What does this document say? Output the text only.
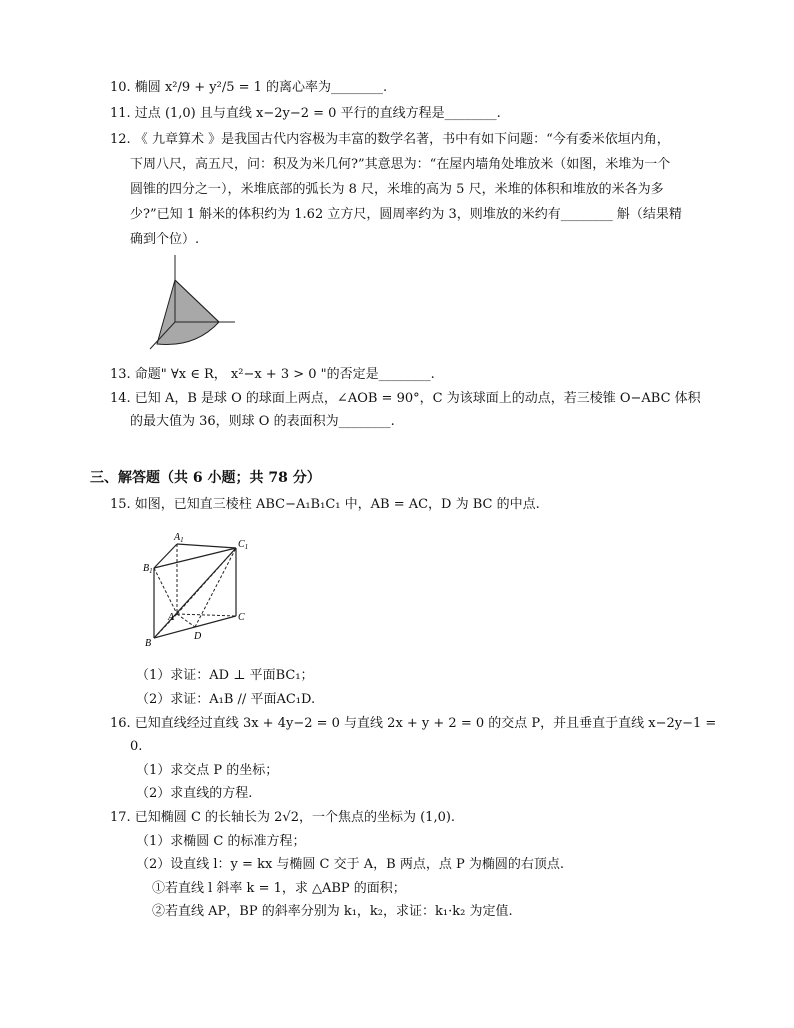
10. 椭圆 x²/9 + y²/5 = 1 的离心率为________.
11. 过点 (1,0) 且与直线 x−2y−2 = 0 平行的直线方程是________.
12. 《 九章算术 》是我国古代内容极为丰富的数学名著，书中有如下问题：“今有委米依垣内角，
下周八尺，高五尺，问：积及为米几何?”其意思为：“在屋内墙角处堆放米（如图，米堆为一个
圆锥的四分之一），米堆底部的弧长为 8 尺，米堆的高为 5 尺，米堆的体积和堆放的米各为多
少?”已知 1 斛米的体积约为 1.62 立方尺，圆周率约为 3，则堆放的米约有________ 斛（结果精
确到个位）.
13. 命题" ∀x ∈ R， x²−x + 3 > 0 "的否定是________.
14. 已知 A，B 是球 O 的球面上两点，∠AOB = 90°，C 为该球面上的动点，若三棱锥 O−ABC 体积
的最大值为 36，则球 O 的表面积为________.
三、解答题（共 6 小题；共 78 分）
15. 如图，已知直三棱柱 ABC−A₁B₁C₁ 中，AB = AC，D 为 BC 的中点.
$A_1$
$B_1$
$C_1$
A
B
C
D
（1）求证：AD ⊥ 平面BC₁；
（2）求证：A₁B // 平面AC₁D.
16. 已知直线经过直线 3x + 4y−2 = 0 与直线 2x + y + 2 = 0 的交点 P，并且垂直于直线 x−2y−1 =
0.
（1）求交点 P 的坐标；
（2）求直线的方程.
17. 已知椭圆 C 的长轴长为 2√2，一个焦点的坐标为 (1,0).
（1）求椭圆 C 的标准方程；
（2）设直线 l：y = kx 与椭圆 C 交于 A，B 两点，点 P 为椭圆的右顶点.
①若直线 l 斜率 k = 1，求 △ABP 的面积；
②若直线 AP，BP 的斜率分别为 k₁，k₂，求证：k₁·k₂ 为定值.
